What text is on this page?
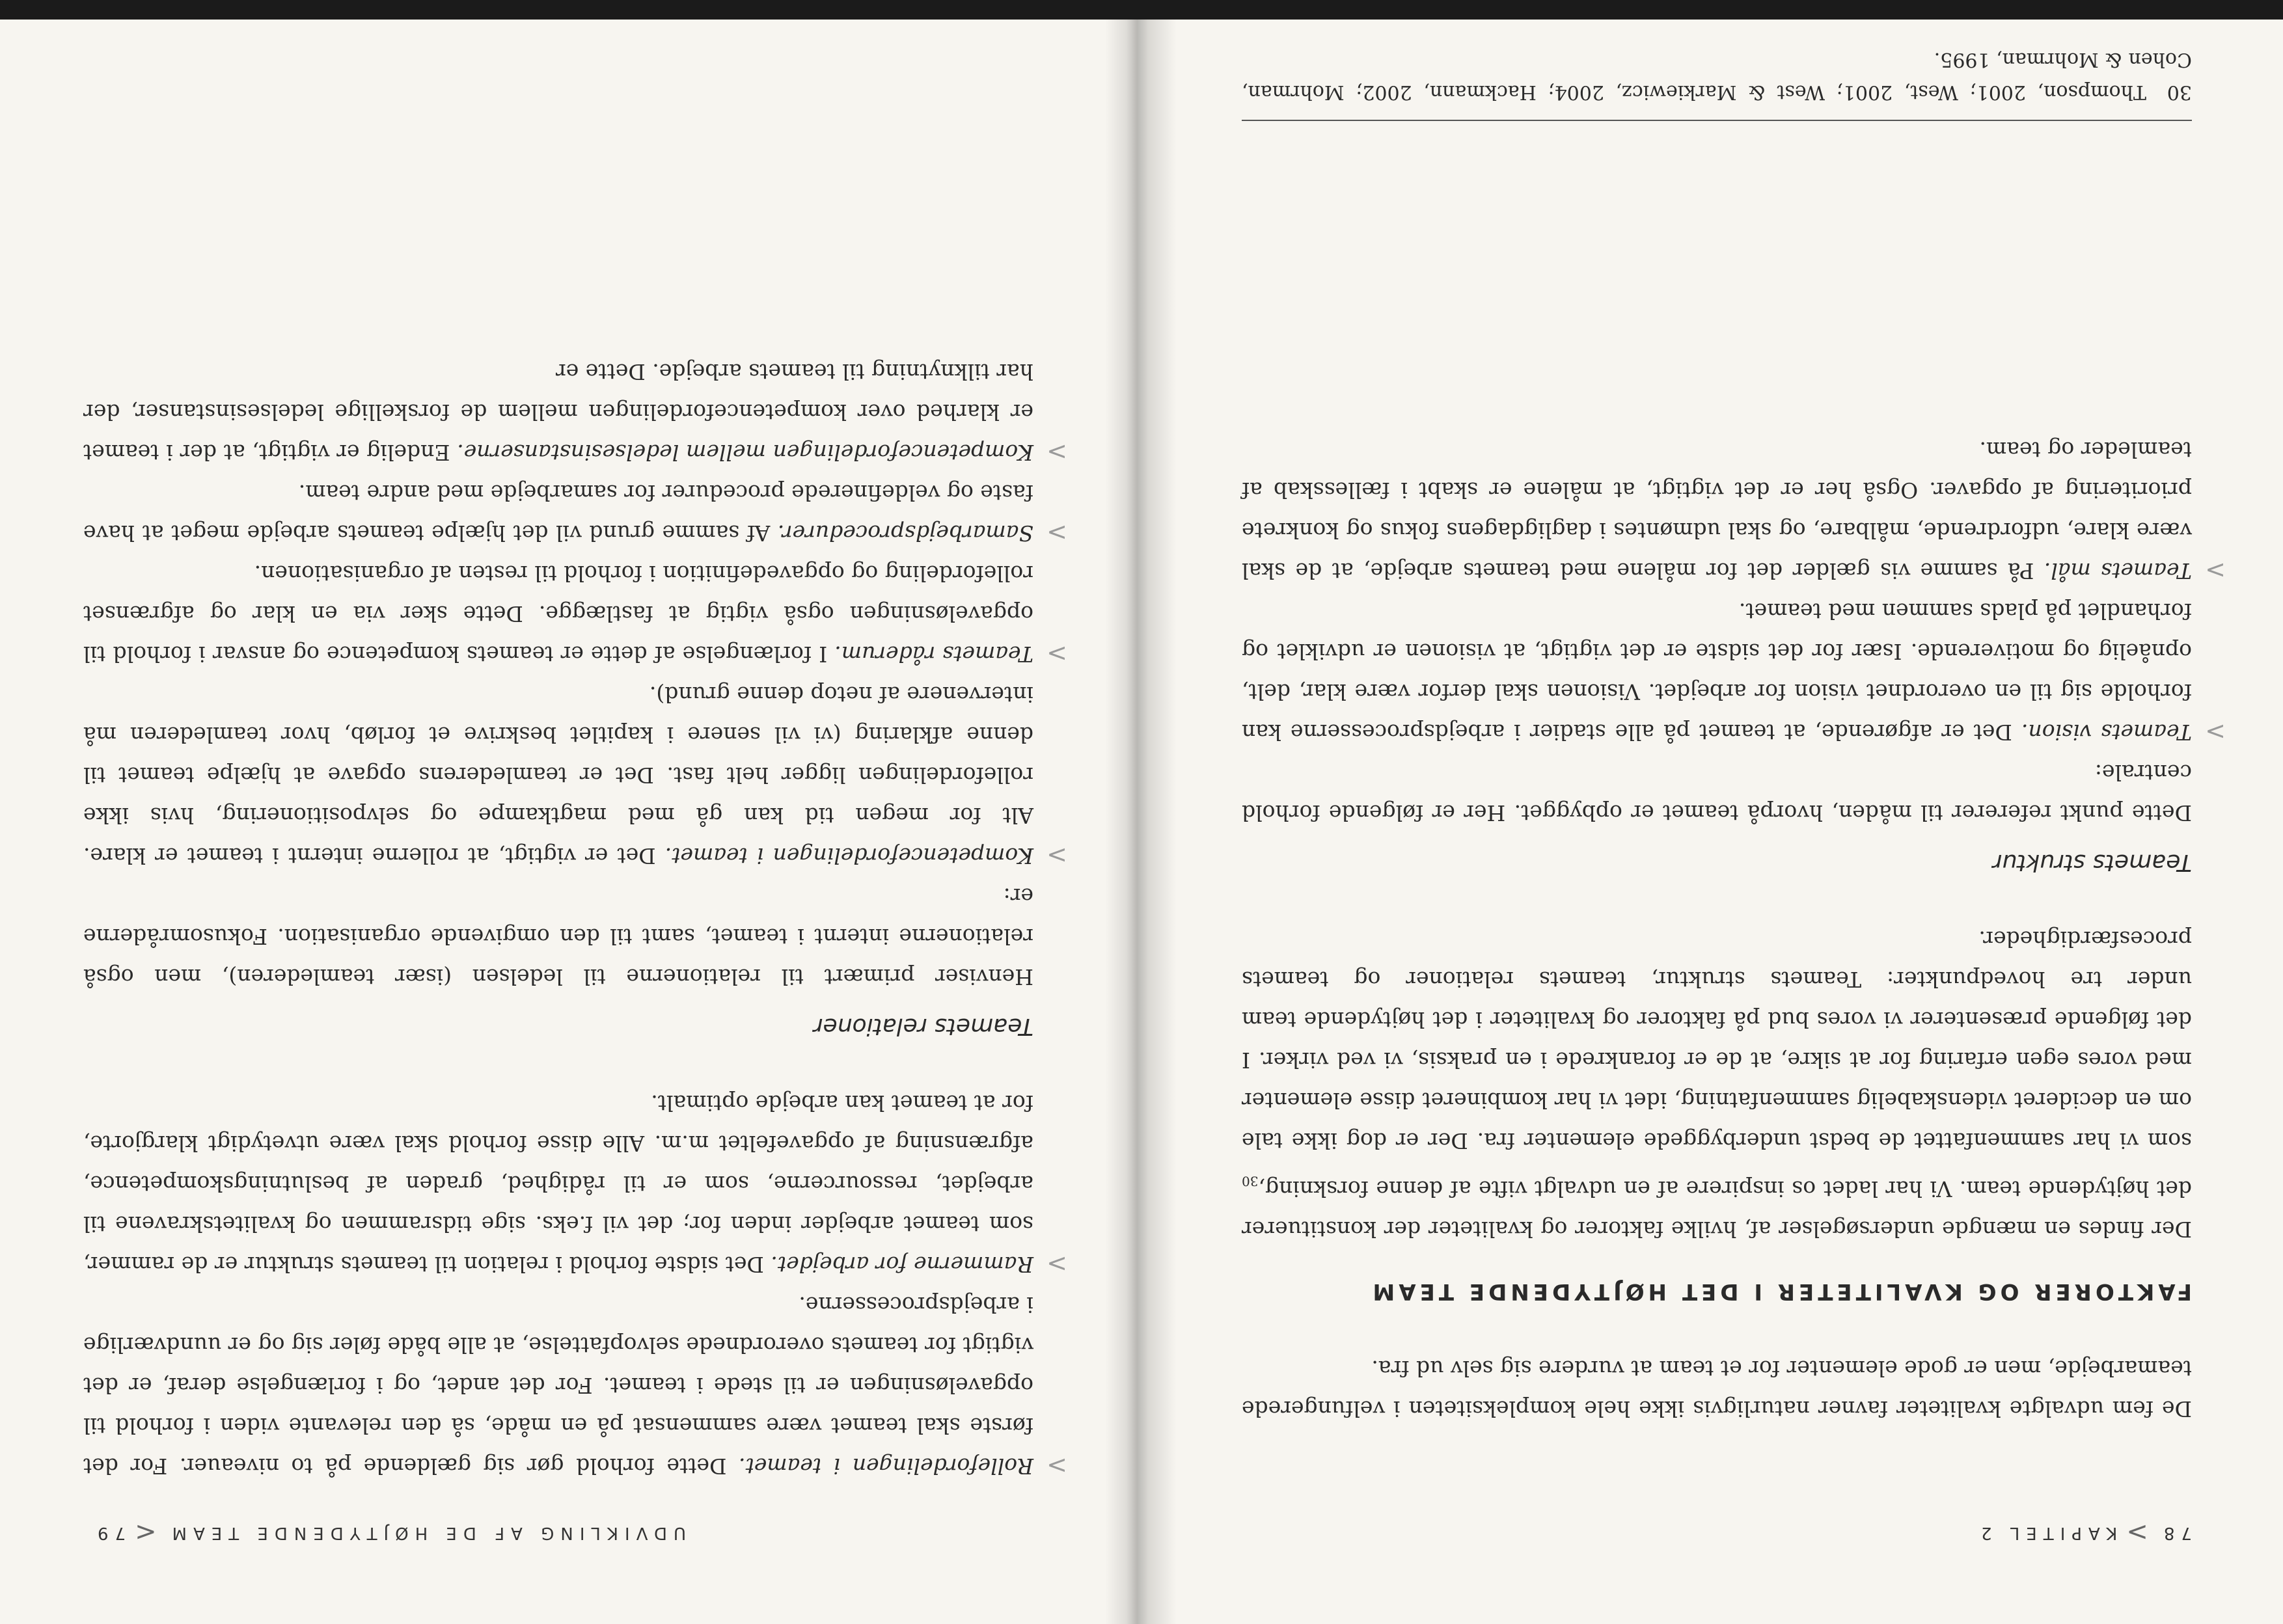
78>KAPITEL 2

De fem udvalgte kvaliteter favner naturligvis ikke hele kompleksiteten i velfungerede teamarbejde, men er gode elementer for et team at vurdere sig selv ud fra.

FAKTORER OG KVALITETER I DET HØJTYDENDE TEAM

Der findes en mængde undersøgelser af, hvilke faktorer og kvaliteter der konstituerer det højtydende team. Vi har ladet os inspirere af en udvalgt vifte af denne $forskning,_{30}$ som vi har sammenfattet de bedst underbyggede elementer fra. Der er dog ikke tale om en decideret videnskabelig sammenfatning, idet vi har kombineret disse elementer med vores egen erfaring for at sikre, at de er forankrede i en praksis, vi ved virker. I det følgende præsenterer vi vores bud på faktorer og kvaliteter i det højtydende team under tre hovedpunkter: Teamets struktur, teamets relationer og teamets procesfærdigheder.

Teamets struktur

Dette punkt refererer til måden, hvorpå teamet er opbygget. Her er følgende forhold centrale:

>
Teamets vision. Det er afgørende, at teamet på alle stadier i arbejdsprocesserne kan forholde sig til en overordnet vision for arbejdet. Visionen skal derfor være klar, delt, opnåelig og motiverende. Især for det sidste er det vigtigt, at visionen er udviklet og forhandlet på plads sammen med teamet.

>
Teamets mål. På samme vis gælder det for målene med teamets arbejde, at de skal være klare, udfordrende, målbare, og skal udmøntes i dagligdagens fokus og konkrete prioritering af opgaver. Også her er det vigtigt, at målene er skabt i fællesskab af teamleder og team.

30Thompson, 2001; West, 2001; West & Markiewicz, 2004; Hackmann, 2002; Mohrman, Cohen & Mohrman, 1995.
UDVIKLING AF DE HØJTYDENDE TEAM<79

>
Rollefordelingen i teamet. Dette forhold gør sig gældende på to niveauer. For det første skal teamet være sammensat på en måde, så den relevante viden i forhold til opgaveløsningen er til stede i teamet. For det andet, og i forlængelse deraf, er det vigtigt for teamets overordnede selvopfattelse, at alle både føler sig og er uundværlige i arbejdsprocesserne.

>
Rammerne for arbejdet. Det sidste forhold i relation til teamets struktur er de rammer, som teamet arbejder inden for; det vil f.eks. sige tidsrammen og kvalitetskravene til arbejdet, ressourcerne, som er til rådighed, graden af beslutningskompetence, afgrænsning af opgavefeltet m.m. Alle disse forhold skal være utvetydigt klargjorte, for at teamet kan arbejde optimalt.

Teamets relationer

Henviser primært til relationerne til ledelsen (især teamlederen), men også relationerne internt i teamet, samt til den omgivende organisation. Fokusområderne er:

>
Kompetencefordelingen i teamet. Det er vigtigt, at rollerne internt i teamet er klare. Alt for megen tid kan gå med magtkampe og selvpositionering, hvis ikke rollefordelingen ligger helt fast. Det er teamlederens opgave at hjælpe teamet til denne afklaring (vi vil senere i kapitlet beskrive et forløb, hvor teamlederen må intervenere af netop denne grund).

>
Teamets råderum. I forlængelse af dette er teamets kompetence og ansvar i forhold til opgaveløsningen også vigtig at fastlægge. Dette sker via en klar og afgrænset rollefordeling og opgavedefinition i forhold til resten af organisationen.

>
Samarbejdsprocedurer. Af samme grund vil det hjælpe teamets arbejde meget at have faste og veldefinerede procedurer for samarbejde med andre team.

>
Kompetencefordelingen mellem ledelsesinstanserne. Endelig er vigtigt, at der i teamet er klarhed over kompetencefordelingen mellem de forskellige ledelsesinstanser, der har tilknytning til teamets arbejde. Dette er
